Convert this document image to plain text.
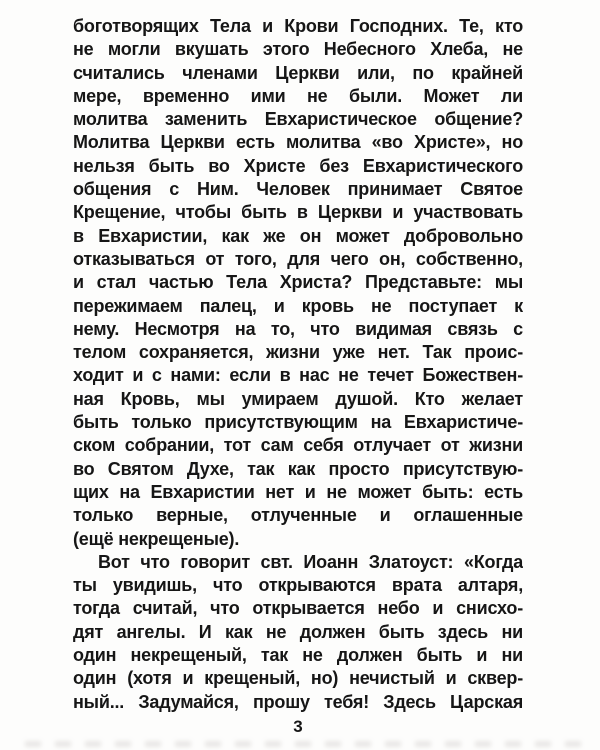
боготворящих Тела и Крови Господних. Те, кто
не могли вкушать этого Небесного Хлеба, не
считались членами Церкви или, по крайней
мере, временно ими не были. Может ли
молитва заменить Евхаристическое общение?
Молитва Церкви есть молитва «во Христе», но
нельзя быть во Христе без Евхаристического
общения с Ним. Человек принимает Святое
Крещение, чтобы быть в Церкви и участвовать
в Евхаристии, как же он может добровольно
отказываться от того, для чего он, собственно,
и стал частью Тела Христа? Представьте: мы
пережимаем палец, и кровь не поступает к
нему. Несмотря на то, что видимая связь с
телом сохраняется, жизни уже нет. Так проис-
ходит и с нами: если в нас не течет Божествен-
ная Кровь, мы умираем душой. Кто желает
быть только присутствующим на Евхаристиче-
ском собрании, тот сам себя отлучает от жизни
во Святом Духе, так как просто присутствую-
щих на Евхаристии нет и не может быть: есть
только верные, отлученные и оглашенные
(ещё некрещеные).
Вот что говорит свт. Иоанн Златоуст: «Когда
ты увидишь, что открываются врата алтаря,
тогда считай, что открывается небо и снисхо-
дят ангелы. И как не должен быть здесь ни
один некрещеный, так не должен быть и ни
один (хотя и крещеный, но) нечистый и сквер-
ный... Задумайся, прошу тебя! Здесь Царская
3
